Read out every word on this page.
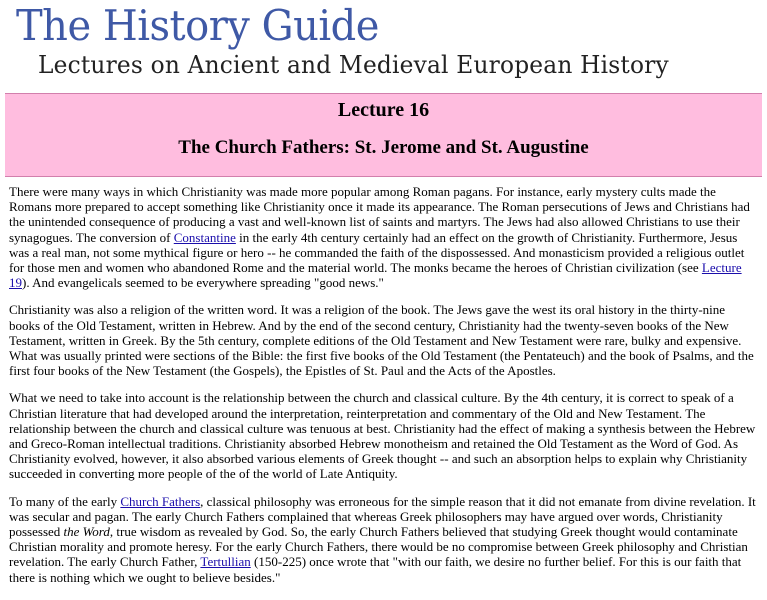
The History Guide
Lectures on Ancient and Medieval European History
Lecture 16
The Church Fathers: St. Jerome and St. Augustine

There were many ways in which Christianity was made more popular among Roman pagans. For instance, early mystery cults made the Romans more prepared to accept something like Christianity once it made its appearance. The Roman persecutions of Jews and Christians had the unintended consequence of producing a vast and well-known list of saints and martyrs. The Jews had also allowed Christians to use their synagogues. The conversion of Constantine in the early 4th century certainly had an effect on the growth of Christianity. Furthermore, Jesus was a real man, not some mythical figure or hero -- he commanded the faith of the dispossessed. And monasticism provided a religious outlet for those men and women who abandoned Rome and the material world. The monks became the heroes of Christian civilization (see Lecture 19). And evangelicals seemed to be everywhere spreading "good news."

Christianity was also a religion of the written word. It was a religion of the book. The Jews gave the west its oral history in the thirty-nine books of the Old Testament, written in Hebrew. And by the end of the second century, Christianity had the twenty-seven books of the New Testament, written in Greek. By the 5th century, complete editions of the Old Testament and New Testament were rare, bulky and expensive. What was usually printed were sections of the Bible: the first five books of the Old Testament (the Pentateuch) and the book of Psalms, and the first four books of the New Testament (the Gospels), the Epistles of St. Paul and the Acts of the Apostles.

What we need to take into account is the relationship between the church and classical culture. By the 4th century, it is correct to speak of a Christian literature that had developed around the interpretation, reinterpretation and commentary of the Old and New Testament. The relationship between the church and classical culture was tenuous at best. Christianity had the effect of making a synthesis between the Hebrew and Greco-Roman intellectual traditions. Christianity absorbed Hebrew monotheism and retained the Old Testament as the Word of God. As Christianity evolved, however, it also absorbed various elements of Greek thought -- and such an absorption helps to explain why Christianity succeeded in converting more people of the of the world of Late Antiquity.

To many of the early Church Fathers, classical philosophy was erroneous for the simple reason that it did not emanate from divine revelation. It was secular and pagan. The early Church Fathers complained that whereas Greek philosophers may have argued over words, Christianity possessed the Word, true wisdom as revealed by God. So, the early Church Fathers believed that studying Greek thought would contaminate Christian morality and promote heresy. For the early Church Fathers, there would be no compromise between Greek philosophy and Christian revelation. The early Church Father, Tertullian (150-225) once wrote that "with our faith, we desire no further belief. For this is our faith that there is nothing which we ought to believe besides."
